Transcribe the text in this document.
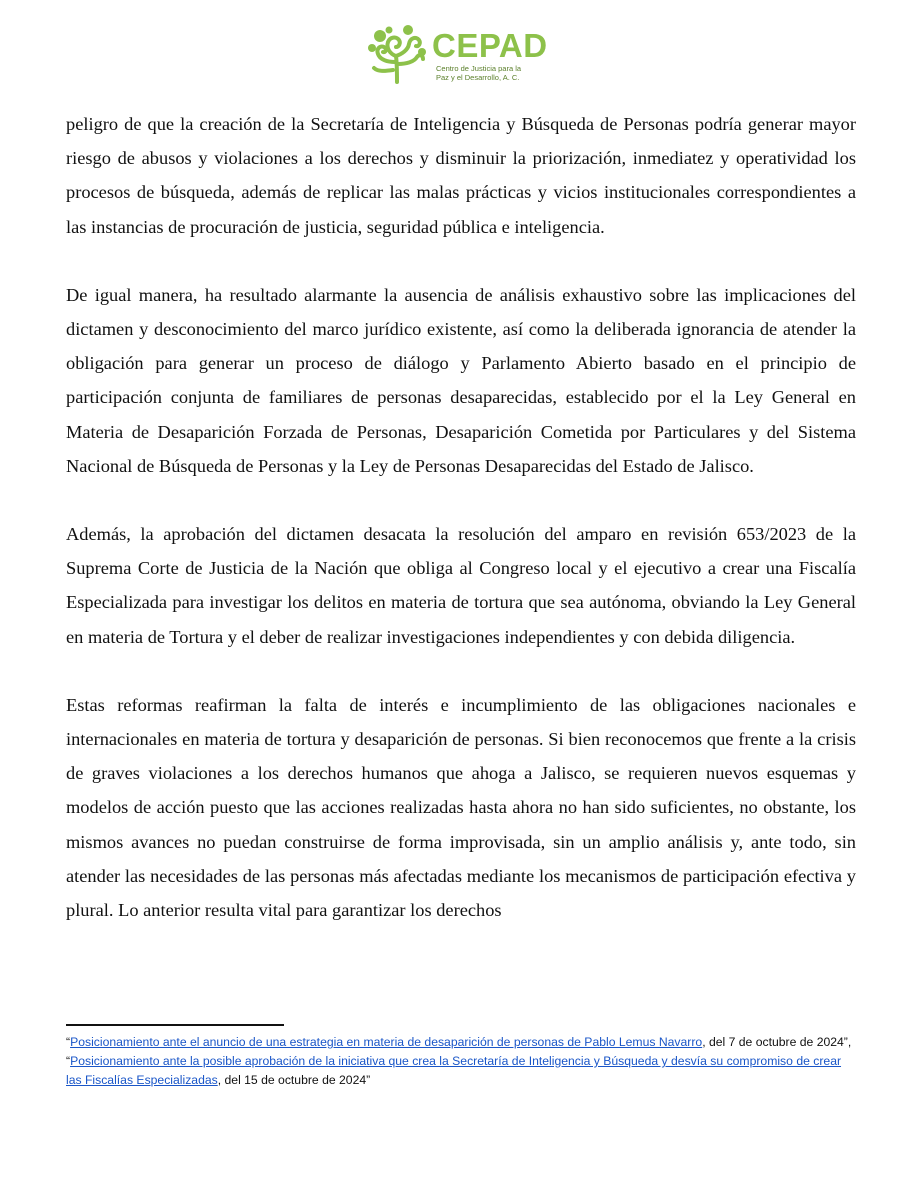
CEPAD
Centro de Justicia para la Paz y el Desarrollo, A. C.

peligro de que la creación de la Secretaría de Inteligencia y Búsqueda de Personas podría generar mayor riesgo de abusos y violaciones a los derechos y disminuir la priorización, inmediatez y operatividad los procesos de búsqueda, además de replicar las malas prácticas y vicios institucionales correspondientes a las instancias de procuración de justicia, seguridad pública e inteligencia.

De igual manera, ha resultado alarmante la ausencia de análisis exhaustivo sobre las implicaciones del dictamen y desconocimiento del marco jurídico existente, así como la deliberada ignorancia de atender la obligación para generar un proceso de diálogo y Parlamento Abierto basado en el principio de participación conjunta de familiares de personas desaparecidas, establecido por el la Ley General en Materia de Desaparición Forzada de Personas, Desaparición Cometida por Particulares y del Sistema Nacional de Búsqueda de Personas y la Ley de Personas Desaparecidas del Estado de Jalisco.

Además, la aprobación del dictamen desacata la resolución del amparo en revisión 653/2023 de la Suprema Corte de Justicia de la Nación que obliga al Congreso local y el ejecutivo a crear una Fiscalía Especializada para investigar los delitos en materia de tortura que sea autónoma, obviando la Ley General en materia de Tortura y el deber de realizar investigaciones independientes y con debida diligencia.

Estas reformas reafirman la falta de interés e incumplimiento de las obligaciones nacionales e internacionales en materia de tortura y desaparición de personas. Si bien reconocemos que frente a la crisis de graves violaciones a los derechos humanos que ahoga a Jalisco, se requieren nuevos esquemas y modelos de acción puesto que las acciones realizadas hasta ahora no han sido suficientes, no obstante, los mismos avances no puedan construirse de forma improvisada, sin un amplio análisis y, ante todo, sin atender las necesidades de las personas más afectadas mediante los mecanismos de participación efectiva y plural. Lo anterior resulta vital para garantizar los derechos

“Posicionamiento ante el anuncio de una estrategia en materia de desaparición de personas de Pablo Lemus Navarro, del 7 de octubre de 2024”, “Posicionamiento ante la posible aprobación de la iniciativa que crea la Secretaría de Inteligencia y Búsqueda y desvía su compromiso de crear las Fiscalías Especializadas, del 15 de octubre de 2024”
